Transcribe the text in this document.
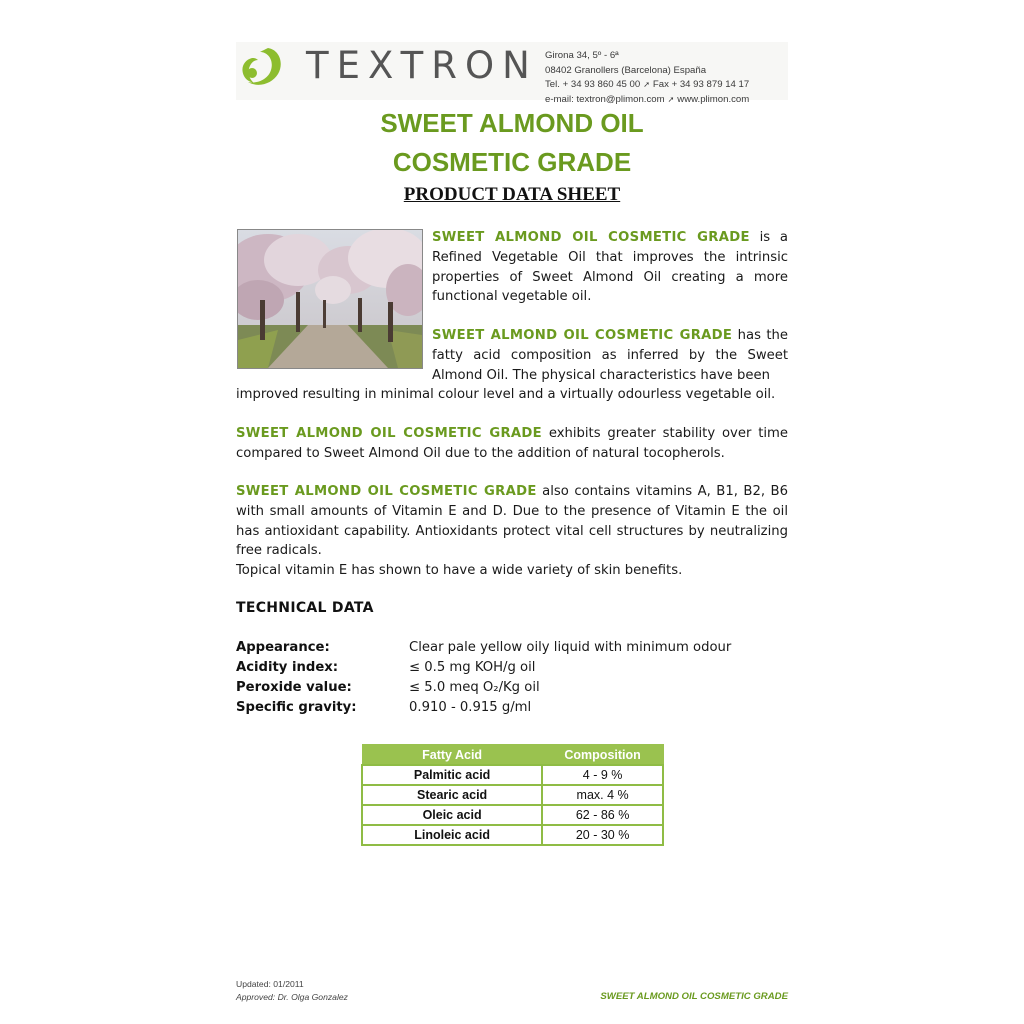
TEXTRON Girona 34, 5º - 6ª
08402 Granollers (Barcelona) España
Tel. + 34 93 860 45 00 ➚ Fax + 34 93 879 14 17
e-mail: textron@plimon.com ➚ www.plimon.com
SWEET ALMOND OIL
COSMETIC GRADE
PRODUCT DATA SHEET
SWEET ALMOND OIL COSMETIC GRADE is a Refined Vegetable Oil that improves the intrinsic properties of Sweet Almond Oil creating a more functional vegetable oil.
SWEET ALMOND OIL COSMETIC GRADE has the fatty acid composition as inferred by the Sweet Almond Oil. The physical characteristics have been
improved resulting in minimal colour level and a virtually odourless vegetable oil.
SWEET ALMOND OIL COSMETIC GRADE exhibits greater stability over time compared to Sweet Almond Oil due to the addition of natural tocopherols.
SWEET ALMOND OIL COSMETIC GRADE also contains vitamins A, B1, B2, B6 with small amounts of Vitamin E and D. Due to the presence of Vitamin E the oil has antioxidant capability. Antioxidants protect vital cell structures by neutralizing free radicals.
Topical vitamin E has shown to have a wide variety of skin benefits.
TECHNICAL DATA
Appearance:	Clear pale yellow oily liquid with minimum odour
Acidity index:	≤ 0.5 mg KOH/g oil
Peroxide value:	≤ 5.0 meq O₂/Kg oil
Specific gravity:	0.910 - 0.915 g/ml
Fatty Acid	Composition
Palmitic acid	4 - 9 %
Stearic acid	max. 4 %
Oleic acid	62 - 86 %
Linoleic acid	20 - 30 %
Updated: 01/2011
Approved: Dr. Olga Gonzalez	SWEET ALMOND OIL COSMETIC GRADE
